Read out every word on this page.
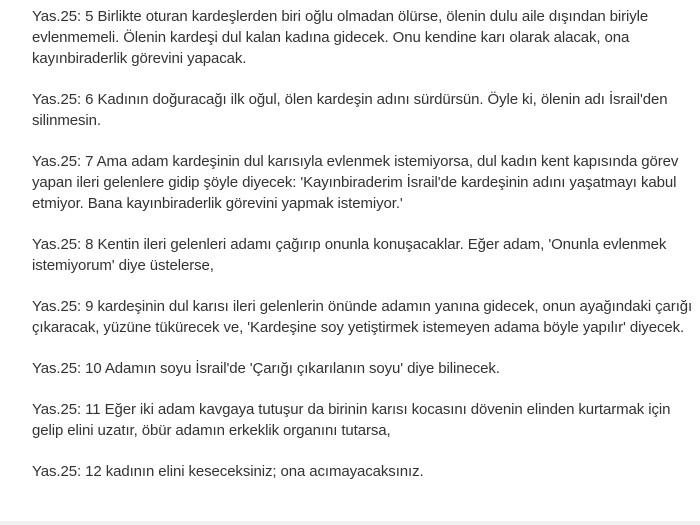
Yas.25: 5 Birlikte oturan kardeşlerden biri oğlu olmadan ölürse, ölenin dulu aile dışından biriyle evlenmemeli. Ölenin kardeşi dul kalan kadına gidecek. Onu kendine karı olarak alacak, ona kayınbiraderlik görevini yapacak.

Yas.25: 6 Kadının doğuracağı ilk oğul, ölen kardeşin adını sürdürsün. Öyle ki, ölenin adı İsrail'den silinmesin.

Yas.25: 7 Ama adam kardeşinin dul karısıyla evlenmek istemiyorsa, dul kadın kent kapısında görev yapan ileri gelenlere gidip şöyle diyecek: 'Kayınbiraderim İsrail'de kardeşinin adını yaşatmayı kabul etmiyor. Bana kayınbiraderlik görevini yapmak istemiyor.'

Yas.25: 8 Kentin ileri gelenleri adamı çağırıp onunla konuşacaklar. Eğer adam, 'Onunla evlenmek istemiyorum' diye üstelerse,

Yas.25: 9 kardeşinin dul karısı ileri gelenlerin önünde adamın yanına gidecek, onun ayağındaki çarığı çıkaracak, yüzüne tükürecek ve, 'Kardeşine soy yetiştirmek istemeyen adama böyle yapılır' diyecek.

Yas.25: 10 Adamın soyu İsrail'de 'Çarığı çıkarılanın soyu' diye bilinecek.

Yas.25: 11 Eğer iki adam kavgaya tutuşur da birinin karısı kocasını dövenin elinden kurtarmak için gelip elini uzatır, öbür adamın erkeklik organını tutarsa,

Yas.25: 12 kadının elini keseceksiniz; ona acımayacaksınız.
